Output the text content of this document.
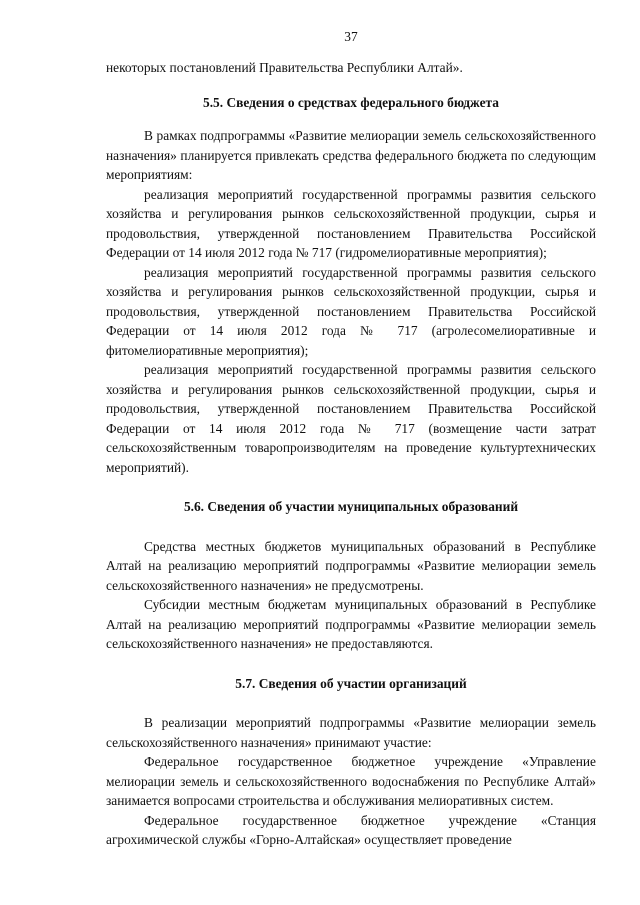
37

некоторых постановлений Правительства Республики Алтай».

5.5. Сведения о средствах федерального бюджета

В рамках подпрограммы «Развитие мелиорации земель сельскохозяйственного назначения» планируется привлекать средства федерального бюджета по следующим мероприятиям:

реализация мероприятий государственной программы развития сельского хозяйства и регулирования рынков сельскохозяйственной продукции, сырья и продовольствия, утвержденной постановлением Правительства Российской Федерации от 14 июля 2012 года № 717 (гидромелиоративные мероприятия);

реализация мероприятий государственной программы развития сельского хозяйства и регулирования рынков сельскохозяйственной продукции, сырья и продовольствия, утвержденной постановлением Правительства Российской Федерации от 14 июля 2012 года № 717 (агролесомелиоративные и фитомелиоративные мероприятия);

реализация мероприятий государственной программы развития сельского хозяйства и регулирования рынков сельскохозяйственной продукции, сырья и продовольствия, утвержденной постановлением Правительства Российской Федерации от 14 июля 2012 года № 717 (возмещение части затрат сельскохозяйственным товаропроизводителям на проведение культуртехнических мероприятий).

5.6. Сведения об участии муниципальных образований

Средства местных бюджетов муниципальных образований в Республике Алтай на реализацию мероприятий подпрограммы «Развитие мелиорации земель сельскохозяйственного назначения» не предусмотрены.

Субсидии местным бюджетам муниципальных образований в Республике Алтай на реализацию мероприятий подпрограммы «Развитие мелиорации земель сельскохозяйственного назначения» не предоставляются.

5.7. Сведения об участии организаций

В реализации мероприятий подпрограммы «Развитие мелиорации земель сельскохозяйственного назначения» принимают участие:

Федеральное государственное бюджетное учреждение «Управление мелиорации земель и сельскохозяйственного водоснабжения по Республике Алтай» занимается вопросами строительства и обслуживания мелиоративных систем.

Федеральное государственное бюджетное учреждение «Станция агрохимической службы «Горно-Алтайская» осуществляет проведение
